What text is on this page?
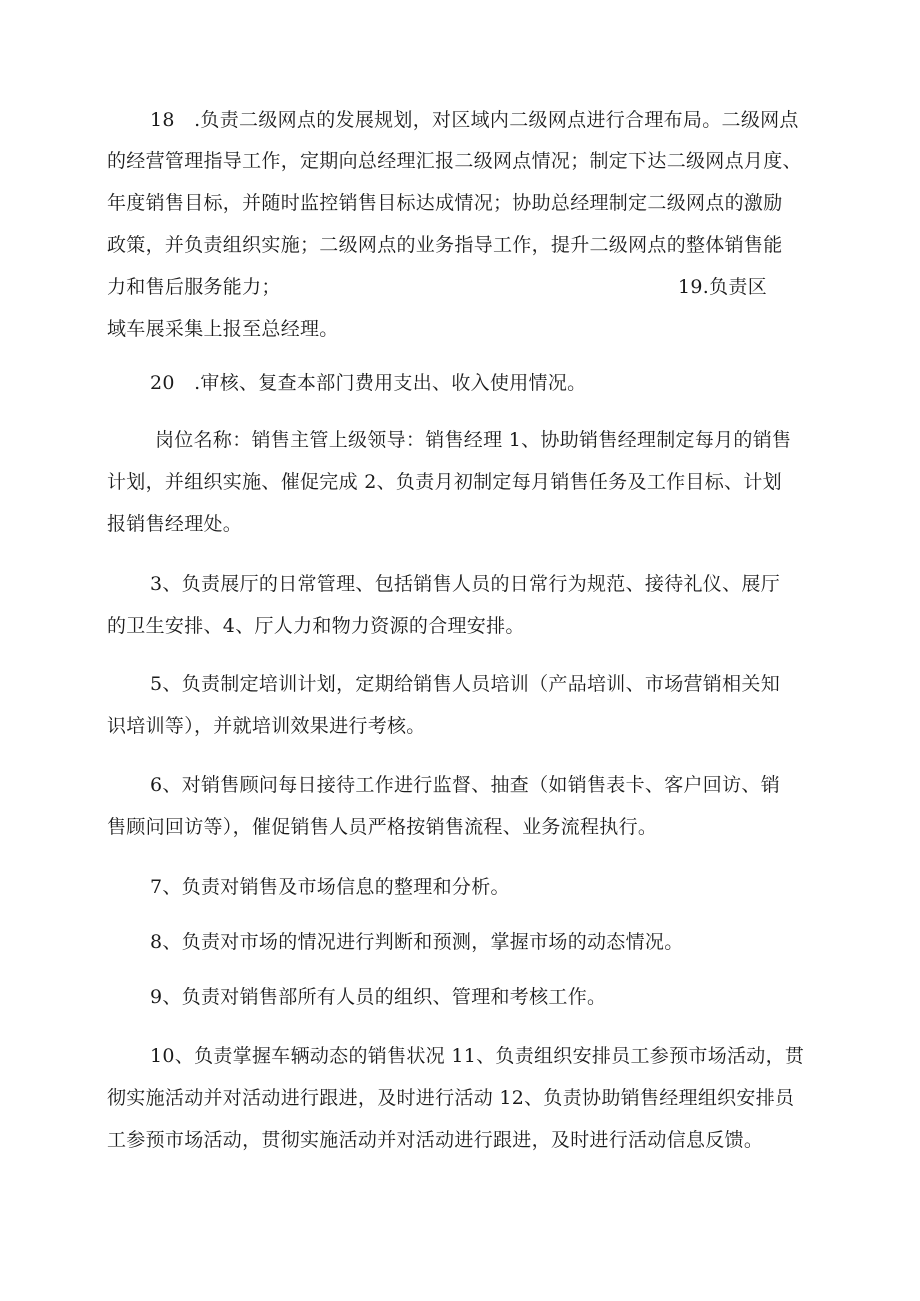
18　.负责二级网点的发展规划，对区域内二级网点进行合理布局。二级网点
的经营管理指导工作，定期向总经理汇报二级网点情况；制定下达二级网点月度、
年度销售目标，并随时监控销售目标达成情况；协助总经理制定二级网点的激励
政策，并负责组织实施；二级网点的业务指导工作，提升二级网点的整体销售能
力和售后服务能力；	19.负责区
域车展采集上报至总经理。
20　.审核、复查本部门费用支出、收入使用情况。
岗位名称：销售主管上级领导：销售经理 1、协助销售经理制定每月的销售
计划，并组织实施、催促完成 2、负责月初制定每月销售任务及工作目标、计划
报销售经理处。
3、负责展厅的日常管理、包括销售人员的日常行为规范、接待礼仪、展厅
的卫生安排、4、厅人力和物力资源的合理安排。
5、负责制定培训计划，定期给销售人员培训（产品培训、市场营销相关知
识培训等），并就培训效果进行考核。
6、对销售顾问每日接待工作进行监督、抽查（如销售表卡、客户回访、销
售顾问回访等），催促销售人员严格按销售流程、业务流程执行。
7、负责对销售及市场信息的整理和分析。
8、负责对市场的情况进行判断和预测，掌握市场的动态情况。
9、负责对销售部所有人员的组织、管理和考核工作。
10、负责掌握车辆动态的销售状况 11、负责组织安排员工参预市场活动，贯
彻实施活动并对活动进行跟进，及时进行活动 12、负责协助销售经理组织安排员
工参预市场活动，贯彻实施活动并对活动进行跟进，及时进行活动信息反馈。
